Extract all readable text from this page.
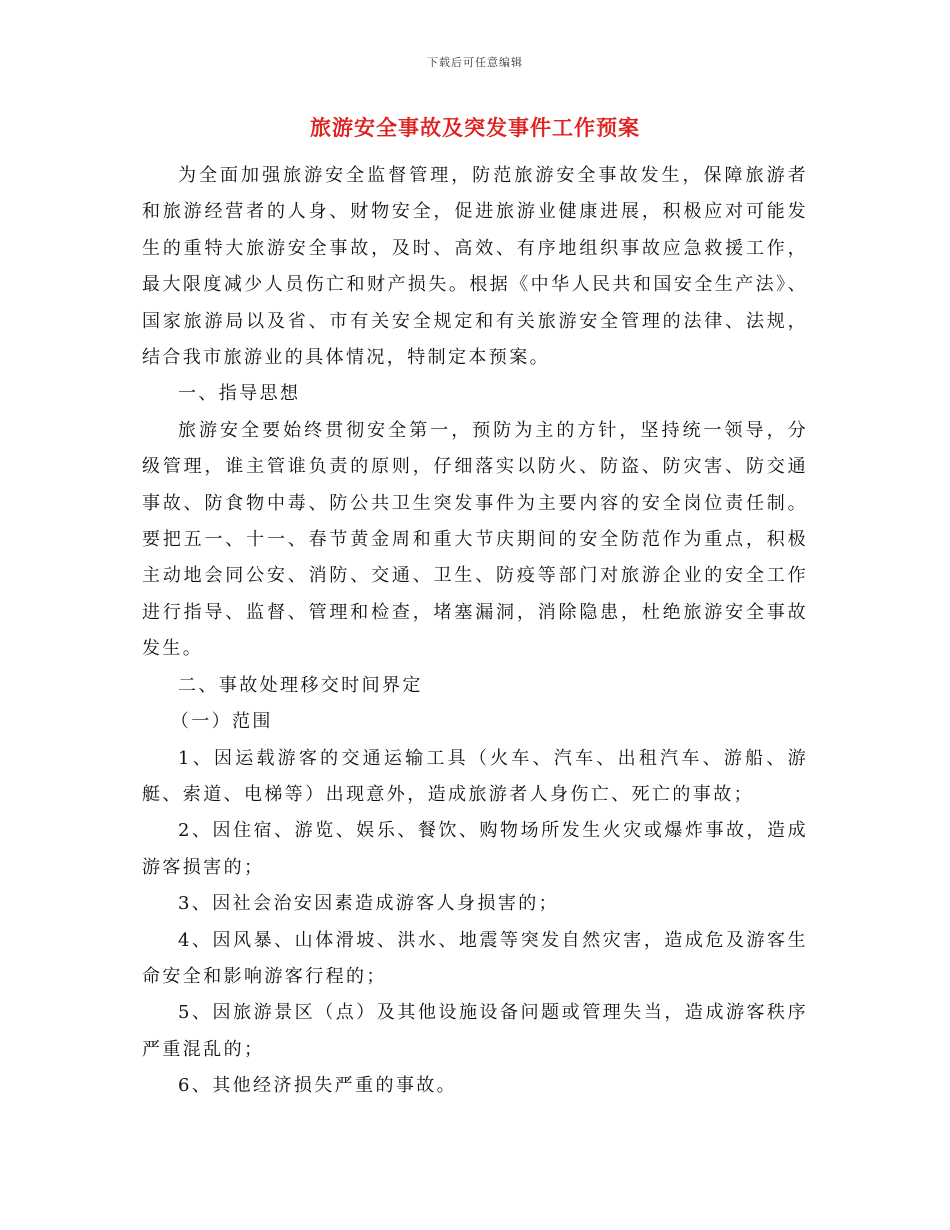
下载后可任意编辑
旅游安全事故及突发事件工作预案

为全面加强旅游安全监督管理，防范旅游安全事故发生，保障旅游者和旅游经营者的人身、财物安全，促进旅游业健康进展，积极应对可能发生的重特大旅游安全事故，及时、高效、有序地组织事故应急救援工作，最大限度减少人员伤亡和财产损失。根据《中华人民共和国安全生产法》、国家旅游局以及省、市有关安全规定和有关旅游安全管理的法律、法规，结合我市旅游业的具体情况，特制定本预案。

一、指导思想

旅游安全要始终贯彻安全第一，预防为主的方针，坚持统一领导，分级管理，谁主管谁负责的原则，仔细落实以防火、防盗、防灾害、防交通事故、防食物中毒、防公共卫生突发事件为主要内容的安全岗位责任制。要把五一、十一、春节黄金周和重大节庆期间的安全防范作为重点，积极主动地会同公安、消防、交通、卫生、防疫等部门对旅游企业的安全工作进行指导、监督、管理和检查，堵塞漏洞，消除隐患，杜绝旅游安全事故发生。

二、事故处理移交时间界定

（一）范围

1、因运载游客的交通运输工具（火车、汽车、出租汽车、游船、游艇、索道、电梯等）出现意外，造成旅游者人身伤亡、死亡的事故；

2、因住宿、游览、娱乐、餐饮、购物场所发生火灾或爆炸事故，造成游客损害的；

3、因社会治安因素造成游客人身损害的；

4、因风暴、山体滑坡、洪水、地震等突发自然灾害，造成危及游客生命安全和影响游客行程的；

5、因旅游景区（点）及其他设施设备问题或管理失当，造成游客秩序严重混乱的；

6、其他经济损失严重的事故。
